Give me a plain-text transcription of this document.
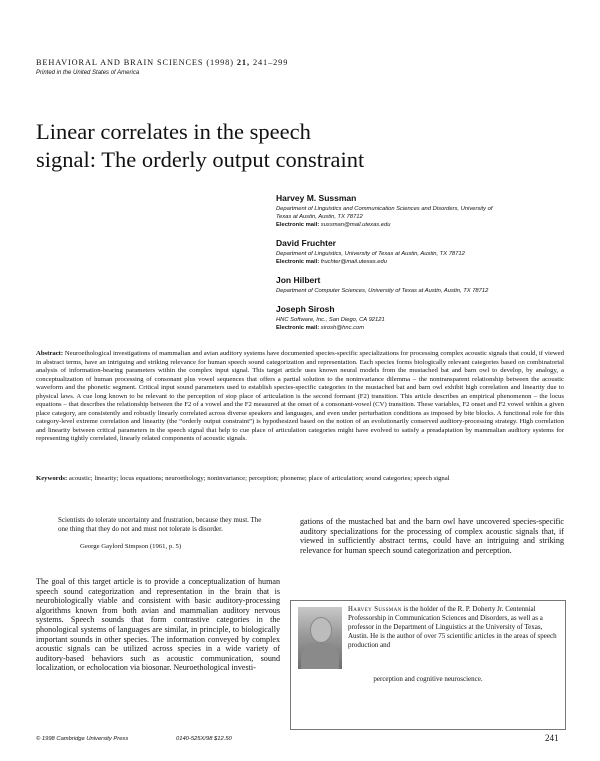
BEHAVIORAL AND BRAIN SCIENCES (1998) 21, 241–299
Printed in the United States of America
Linear correlates in the speech
signal: The orderly output constraint
Harvey M. Sussman
Department of Linguistics and Communication Sciences and Disorders, University of Texas at Austin, Austin, TX 78712
Electronic mail: sussman@mail.utexas.edu
David Fruchter
Department of Linguistics, University of Texas at Austin, Austin, TX 78712
Electronic mail: fruchter@mail.utexas.edu
Jon Hilbert
Department of Computer Sciences, University of Texas at Austin, Austin, TX 78712
Joseph Sirosh
HNC Software, Inc., San Diego, CA 92121
Electronic mail: sirosh@hnc.com
Abstract: Neuroethological investigations of mammalian and avian auditory systems have documented species-specific specializations for processing complex acoustic signals that could, if viewed in abstract terms, have an intriguing and striking relevance for human speech sound categorization and representation. Each species forms biologically relevant categories based on combinatorial analysis of information-bearing parameters within the complex input signal. This target article uses known neural models from the mustached bat and barn owl to develop, by analogy, a conceptualization of human processing of consonant plus vowel sequences that offers a partial solution to the noninvariance dilemma – the nontransparent relationship between the acoustic waveform and the phonetic segment. Critical input sound parameters used to establish species-specific categories in the mustached bat and barn owl exhibit high correlation and linearity due to physical laws. A cue long known to be relevant to the perception of stop place of articulation is the second formant (F2) transition. This article describes an empirical phenomenon – the locus equations – that describes the relationship between the F2 of a vowel and the F2 measured at the onset of a consonant-vowel (CV) transition. These variables, F2 onset and F2 vowel within a given place category, are consistently and robustly linearly correlated across diverse speakers and languages, and even under perturbation conditions as imposed by bite blocks. A functional role for this category-level extreme correlation and linearity (the “orderly output constraint”) is hypothesized based on the notion of an evolutionarily conserved auditory-processing strategy. High correlation and linearity between critical parameters in the speech signal that help to cue place of articulation categories might have evolved to satisfy a preadaptation by mammalian auditory systems for representing tightly correlated, linearly related components of acoustic signals.
Keywords: acoustic; linearity; locus equations; neuroethology; noninvariance; perception; phoneme; place of articulation; sound categories; speech signal
Scientists do tolerate uncertainty and frustration, because they must. The one thing that they do not and must not tolerate is disorder.
George Gaylord Simpson (1961, p. 5)
The goal of this target article is to provide a conceptualization of human speech sound categorization and representation in the brain that is neurobiologically viable and consistent with basic auditory-processing algorithms known from both avian and mammalian auditory nervous systems. Speech sounds that form contrastive categories in the phonological systems of languages are similar, in principle, to biologically important sounds in other species. The information conveyed by complex acoustic signals can be utilized across species in a wide variety of auditory-based behaviors such as acoustic communication, sound localization, or echolocation via biosonar. Neuroethological investi-
gations of the mustached bat and the barn owl have uncovered species-specific auditory specializations for the processing of complex acoustic signals that, if viewed in sufficiently abstract terms, could have an intriguing and striking relevance for human speech sound categorization and perception.
Harvey Sussman is the holder of the R. P. Doherty Jr. Centennial Professorship in Communication Sciences and Disorders, as well as a professor in the Department of Linguistics at the University of Texas, Austin. He is the author of over 75 scientific articles in the areas of speech production and
perception and cognitive neuroscience.
© 1998 Cambridge University Press	0140-525X/98 $12.50	241
